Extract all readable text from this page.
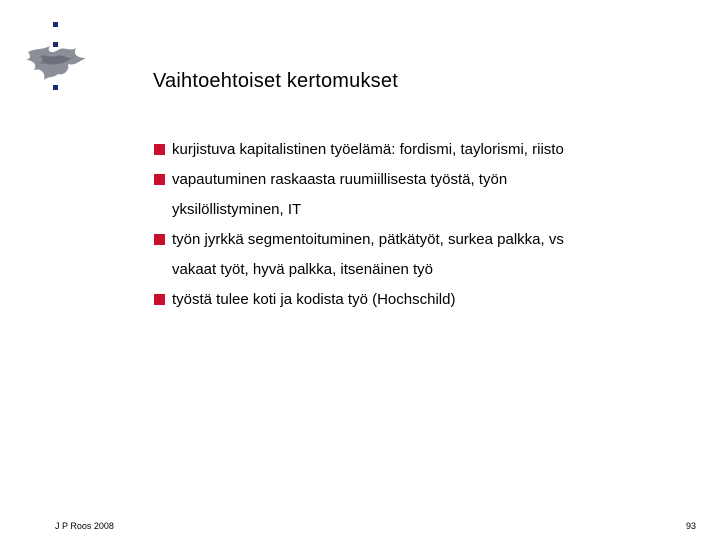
Vaihtoehtoiset kertomukset
kurjistuva kapitalistinen työelämä: fordismi, taylorismi, riisto
vapautuminen raskaasta ruumiillisesta työstä, työn
yksilöllistyminen, IT
työn jyrkkä segmentoituminen, pätkätyöt, surkea palkka, vs
vakaat työt, hyvä palkka, itsenäinen työ
työstä tulee koti ja kodista työ (Hochschild)
J P Roos 2008	93
